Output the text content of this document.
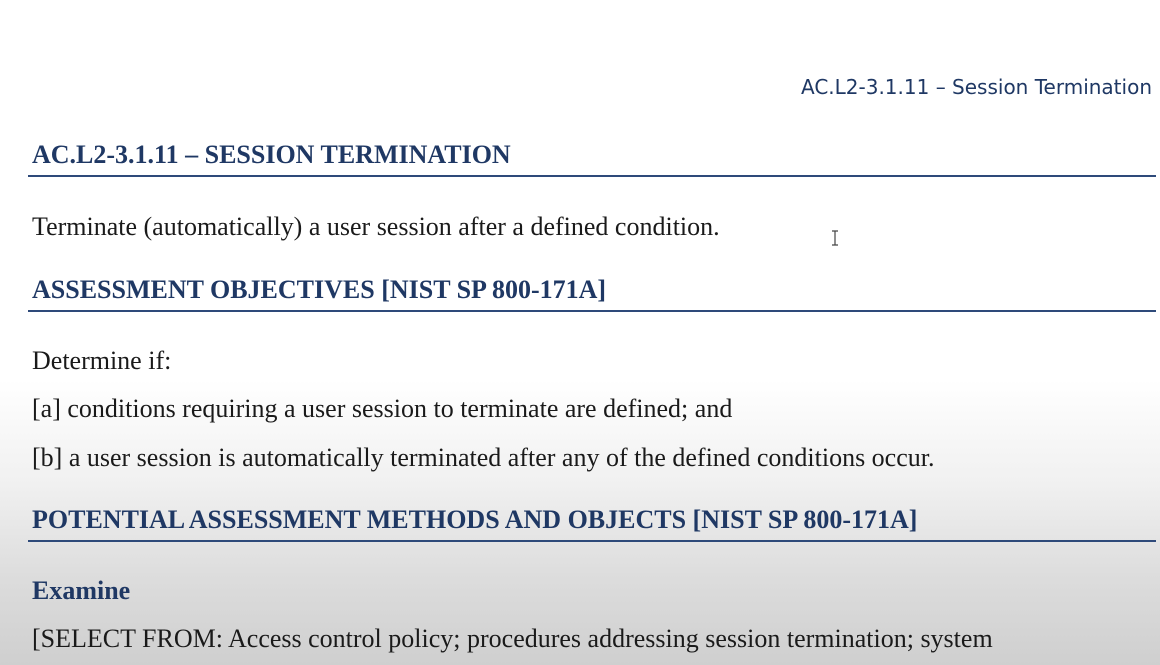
AC.L2-3.1.11 – Session Termination
AC.L2-3.1.11 – SESSION TERMINATION

Terminate (automatically) a user session after a defined condition.

ASSESSMENT OBJECTIVES [NIST SP 800-171A]

Determine if:

[a] conditions requiring a user session to terminate are defined; and

[b] a user session is automatically terminated after any of the defined conditions occur.

POTENTIAL ASSESSMENT METHODS AND OBJECTS [NIST SP 800-171A]
Examine

[SELECT FROM: Access control policy; procedures addressing session termination; system
